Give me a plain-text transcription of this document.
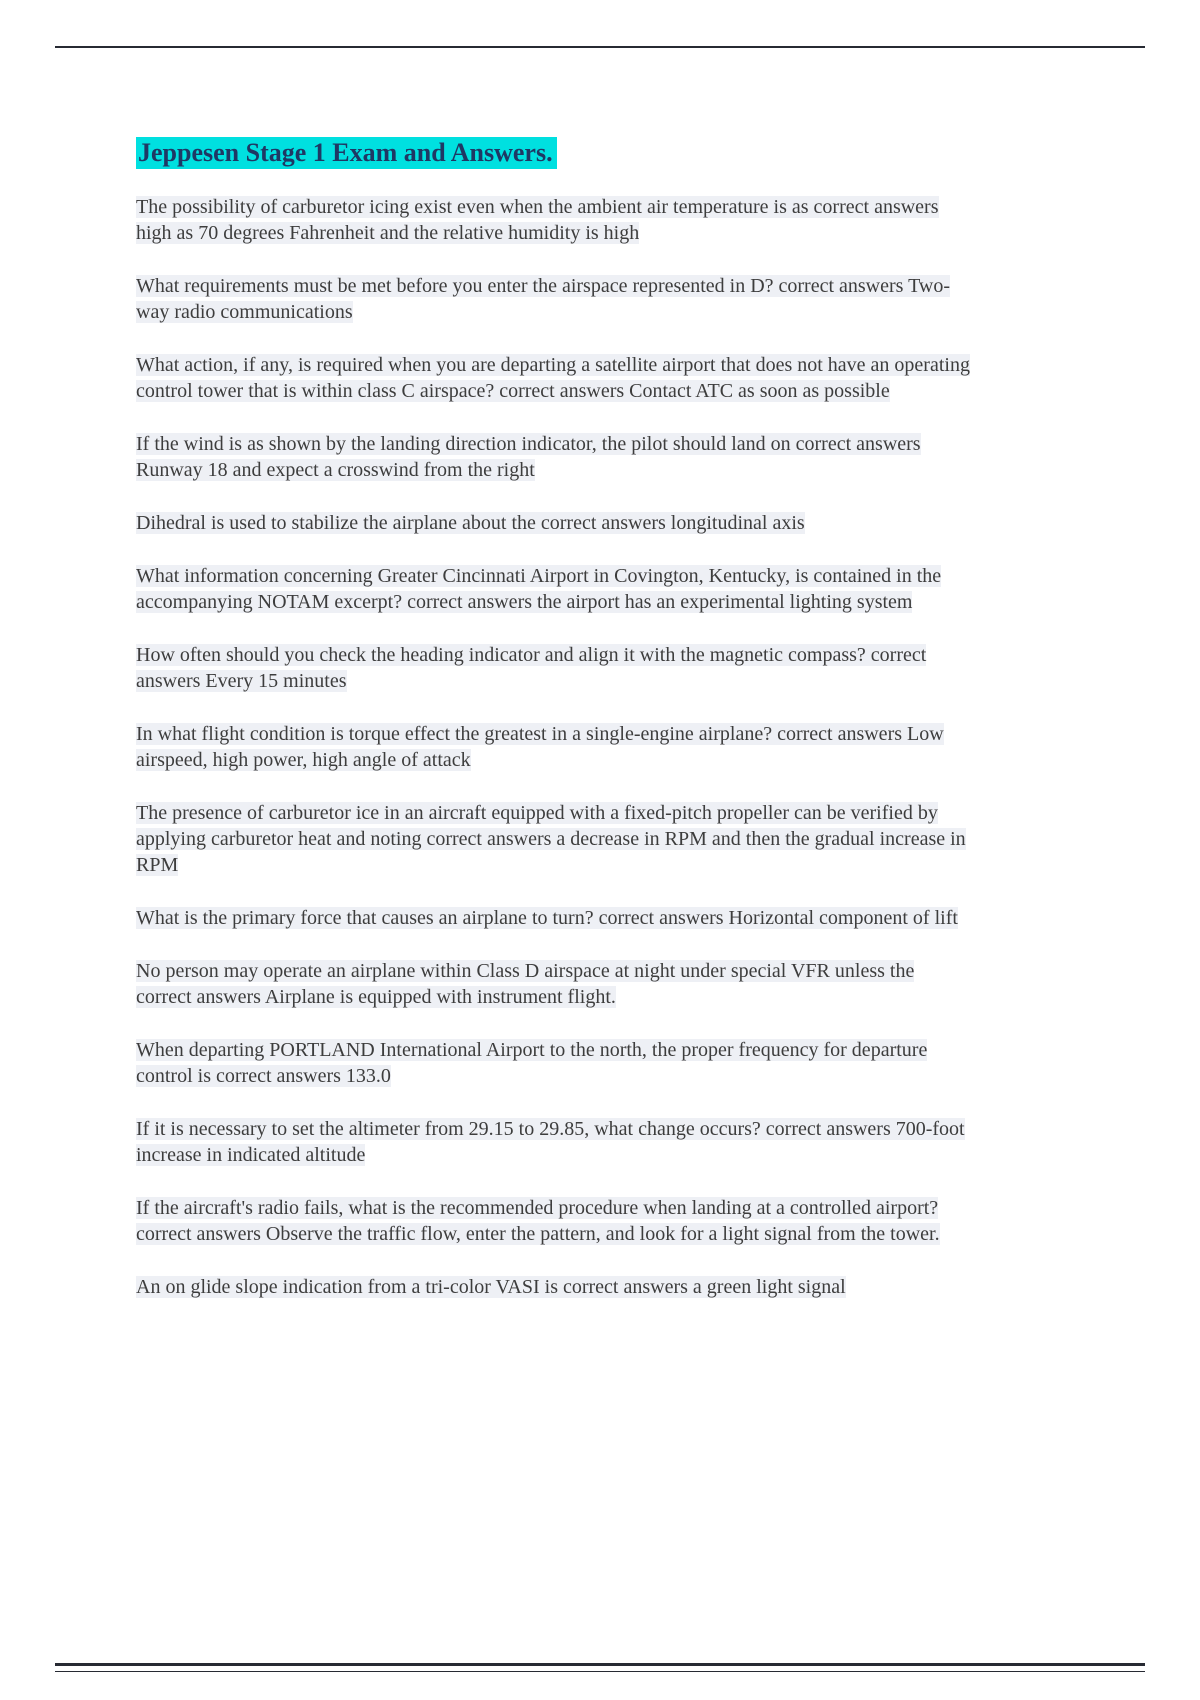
Jeppesen Stage 1 Exam and Answers.

The possibility of carburetor icing exist even when the ambient air temperature is as correct answers high as 70 degrees Fahrenheit and the relative humidity is high

What requirements must be met before you enter the airspace represented in D? correct answers Two-way radio communications

What action, if any, is required when you are departing a satellite airport that does not have an operating control tower that is within class C airspace? correct answers Contact ATC as soon as possible

If the wind is as shown by the landing direction indicator, the pilot should land on correct answers Runway 18 and expect a crosswind from the right

Dihedral is used to stabilize the airplane about the correct answers longitudinal axis

What information concerning Greater Cincinnati Airport in Covington, Kentucky, is contained in the accompanying NOTAM excerpt? correct answers the airport has an experimental lighting system

How often should you check the heading indicator and align it with the magnetic compass? correct answers Every 15 minutes

In what flight condition is torque effect the greatest in a single-engine airplane? correct answers Low airspeed, high power, high angle of attack

The presence of carburetor ice in an aircraft equipped with a fixed-pitch propeller can be verified by applying carburetor heat and noting correct answers a decrease in RPM and then the gradual increase in RPM

What is the primary force that causes an airplane to turn? correct answers Horizontal component of lift

No person may operate an airplane within Class D airspace at night under special VFR unless the correct answers Airplane is equipped with instrument flight.

When departing PORTLAND International Airport to the north, the proper frequency for departure control is correct answers 133.0

If it is necessary to set the altimeter from 29.15 to 29.85, what change occurs? correct answers 700-foot increase in indicated altitude

If the aircraft's radio fails, what is the recommended procedure when landing at a controlled airport? correct answers Observe the traffic flow, enter the pattern, and look for a light signal from the tower.

An on glide slope indication from a tri-color VASI is correct answers a green light signal
